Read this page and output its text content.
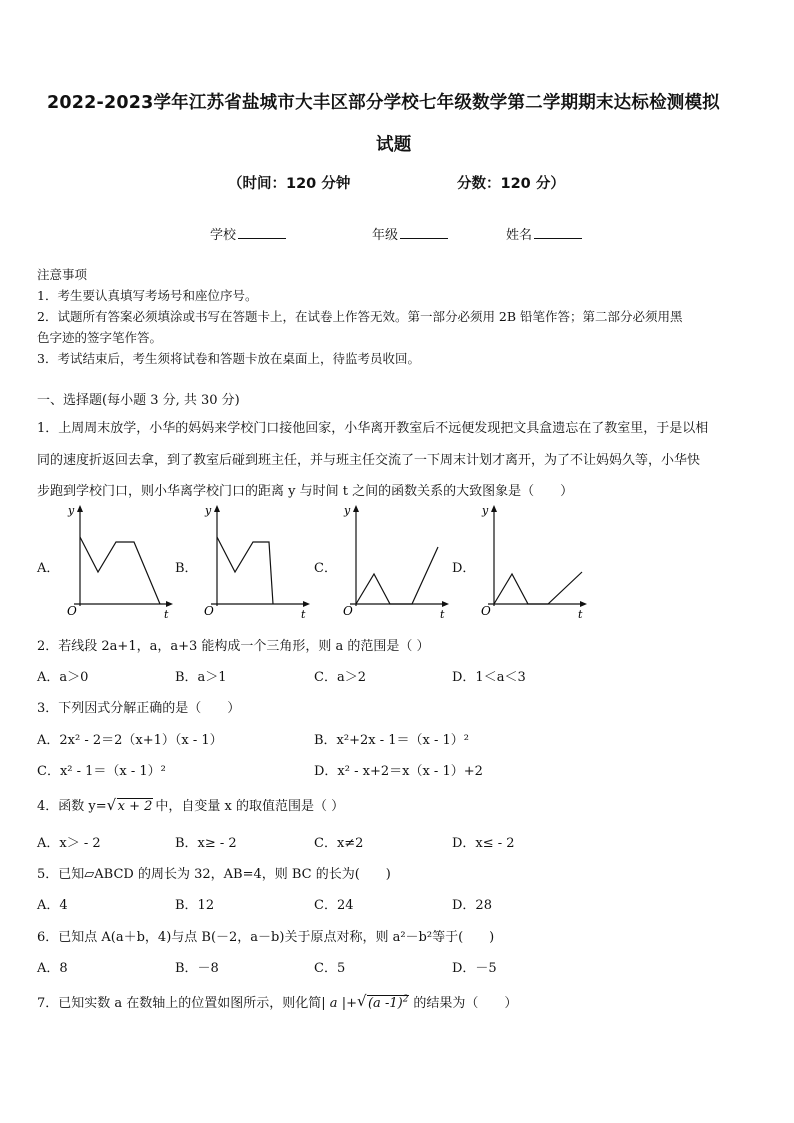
2022-2023学年江苏省盐城市大丰区部分学校七年级数学第二学期期末达标检测模拟
试题
（时间：120 分钟	分数：120 分）
学校	年级	姓名
注意事项
1．考生要认真填写考场号和座位序号。
2．试题所有答案必须填涂或书写在答题卡上，在试卷上作答无效。第一部分必须用 2B 铅笔作答；第二部分必须用黑
色字迹的签字笔作答。
3．考试结束后，考生须将试卷和答题卡放在桌面上，待监考员收回。
一、选择题(每小题 3 分, 共 30 分)
1．上周周末放学，小华的妈妈来学校门口接他回家，小华离开教室后不远便发现把文具盒遗忘在了教室里，于是以相
同的速度折返回去拿，到了教室后碰到班主任，并与班主任交流了一下周末计划才离开，为了不让妈妈久等，小华快
步跑到学校门口，则小华离学校门口的距离 y 与时间 t 之间的函数关系的大致图象是（　　）
A．	B．	C．	D．
y
t
O
y
t
O
y
t
O
y
t
O
2．若线段 2a+1，a，a+3 能构成一个三角形，则 a 的范围是（ ）
A．a＞0	B．a＞1	C．a＞2	D．1＜a＜3
3．下列因式分解正确的是（　　）
A．2x² - 2＝2（x+1）（x - 1）	B．x²+2x - 1＝（x - 1）²
C．x² - 1＝（x - 1）²	D．x² - x+2＝x（x - 1）+2
4．函数 y= √ x + 2 中，自变量 x 的取值范围是（ ）
A．x＞ - 2	B．x≥ - 2	C．x≠2	D．x≤ - 2
5．已知▱ABCD 的周长为 32，AB=4，则 BC 的长为(　　)
A．4	B．12	C．24	D．28
6．已知点 A(a＋b，4)与点 B(－2，a－b)关于原点对称，则 a²－b²等于(　　)
A．8	B．－8	C．5	D．－5
7．已知实数 a 在数轴上的位置如图所示，则化简| a |+ √ (a -1)$^2$ 的结果为（　　）
